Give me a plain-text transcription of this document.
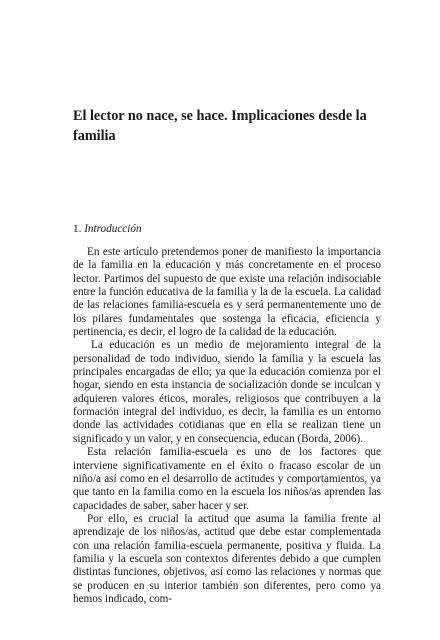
El lector no nace, se hace. Implicaciones desde la familia

1. Introducción

En este artículo pretendemos poner de manifiesto la importancia de la familia en la educación y más concretamente en el proceso lector. Partimos del supuesto de que existe una relación indisociable entre la función educativa de la familia y la de la escuela. La calidad de las relaciones familia-escuela es y será permanentemente uno de los pilares fundamentales que sostenga la eficacia, eficiencia y pertinencia, es decir, el logro de la calidad de la educación.

La educación es un medio de mejoramiento integral de la personalidad de todo individuo, siendo la familia y la escuela las principales encargadas de ello; ya que la educación comienza por el hogar, siendo en esta instancia de socialización donde se inculcan y adquieren valores éticos, morales, religiosos que contribuyen a la formación integral del individuo, es decir, la familia es un entorno donde las actividades cotidianas que en ella se realizan tiene un significado y un valor, y en consecuencia, educan (Borda, 2006).

Esta relación familia-escuela es uno de los factores que interviene significativamente en el éxito o fracaso escolar de un niño/a así como en el desarrollo de actitudes y comportamientos, ya que tanto en la familia como en la escuela los niños/as aprenden las capacidades de saber, saber hacer y ser.

Por ello, es crucial la actitud que asuma la familia frente al aprendizaje de los niños/as, actitud que debe estar complementada con una relación familia-escuela permanente, positiva y fluida. La familia y la escuela son contextos diferentes debido a que cumplen distintas funciones, objetivos, así como las relaciones y normas que se producen en su interior también son diferentes, pero como ya hemos indicado, com-
